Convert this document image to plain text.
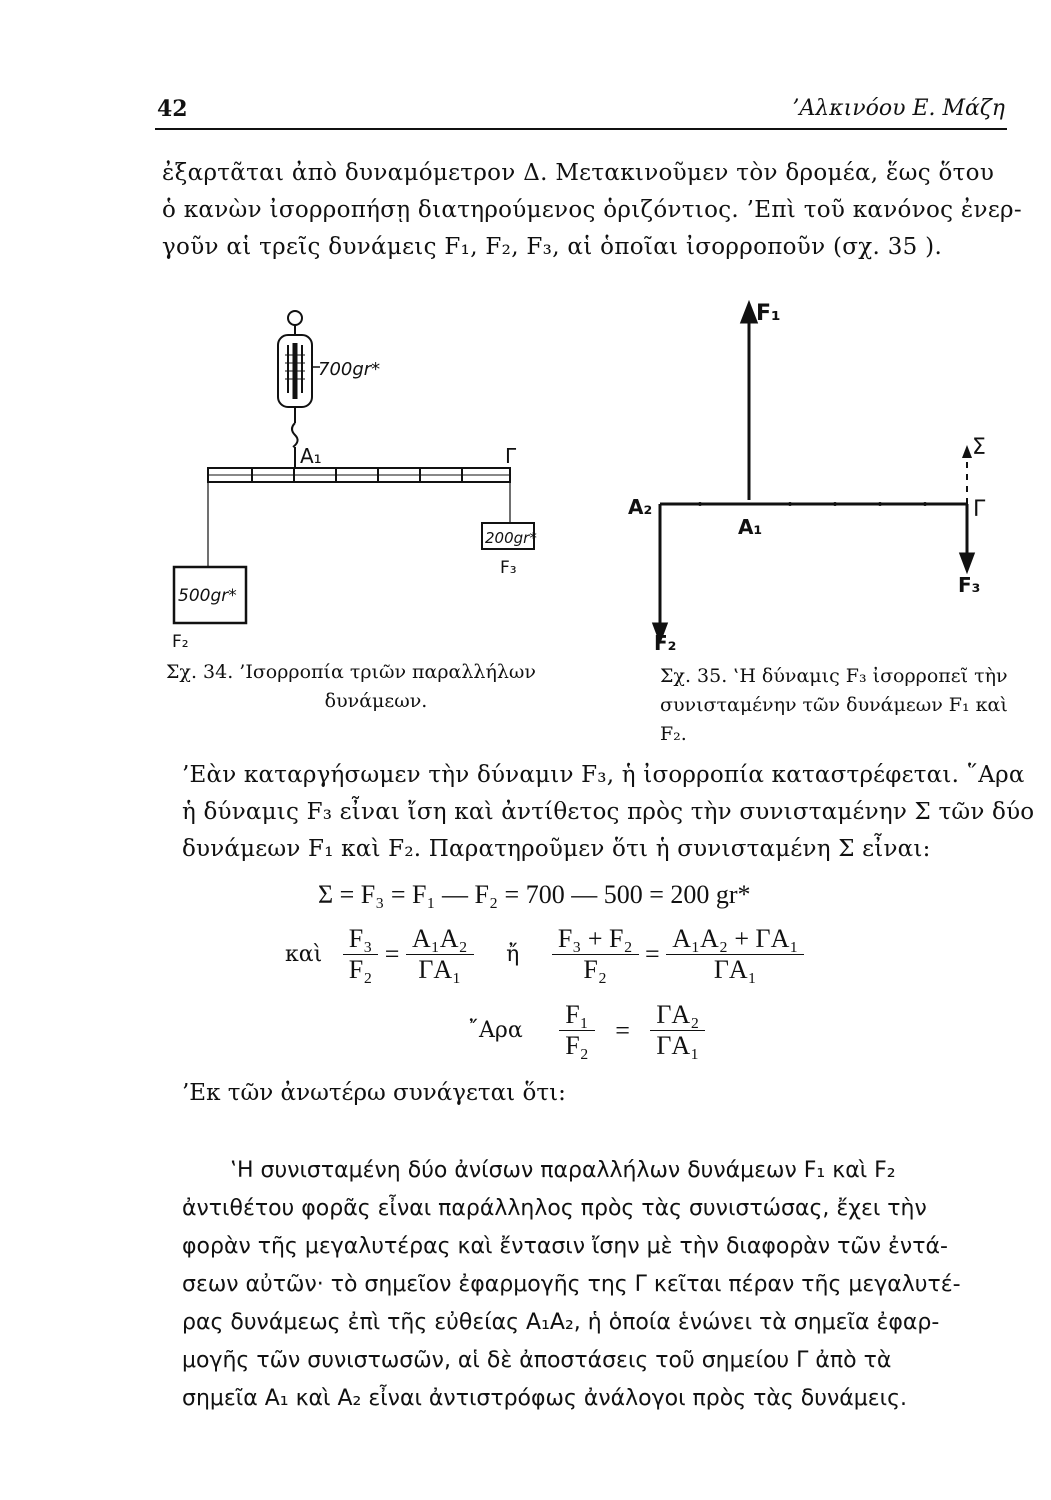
42	’Αλκινόου Ε. Μάζη
ἐξαρτᾶται ἀπὸ δυναμόμετρον Δ. Μετακινοῦμεν τὸν δρομέα, ἕως ὅτου
ὁ κανὼν ἰσορροπήσῃ διατηρούμενος ὁριζόντιος. ’Επὶ τοῦ κανόνος ἐνερ-
γοῦν αἱ τρεῖς δυνάμεις F₁, F₂, F₃, αἱ ὁποῖαι ἰσορροποῦν (σχ. 35 ).
700gr*
A₁	Γ
200gr*
F₃
500gr*
F₂
Σχ. 34. ’Ισορροπία τριῶν παραλλήλων
δυνάμεων.
F₁
Σ
A₂
A₁
Γ
F₃
F₂
Σχ. 35. ‛Η δύναμις F₃ ἰσορροπεῖ τὴν
συνισταμένην τῶν δυνάμεων F₁ καὶ F₂.
’Εὰν καταργήσωμεν τὴν δύναμιν F₃, ἡ ἰσορροπία καταστρέφεται. ῞Αρα
ἡ δύναμις F₃ εἶναι ἴση καὶ ἀντίθετος πρὸς τὴν συνισταμένην Σ τῶν δύο
δυνάμεων F₁ καὶ F₂. Παρατηροῦμεν ὅτι ἡ συνισταμένη Σ εἶναι:
Σ = F₃ = F₁ — F₂ = 700 — 500 = 200 gr*
καὶ $\frac{\text{F₃}}{\text{F₂}} = \frac{\text{A₁A₂}}{\text{ΓA₁}}$ ἤ $\frac{\text{F₃ + F₂}}{\text{F₂}} = \frac{\text{A₁A₂ + ΓA₁}}{\text{ΓA₁}}$
῎Αρα $\frac{\text{F₁}}{\text{F₂}} = \frac{\text{ΓA₂}}{\text{ΓA₁}}$
’Εκ τῶν ἀνωτέρω συνάγεται ὅτι:
‛Η συνισταμένη δύο ἀνίσων παραλλήλων δυνάμεων F₁ καὶ F₂
ἀντιθέτου φορᾶς εἶναι παράλληλος πρὸς τὰς συνιστώσας, ἔχει τὴν
φορὰν τῆς μεγαλυτέρας καὶ ἔντασιν ἴσην μὲ τὴν διαφορὰν τῶν ἐντά-
σεων αὐτῶν· τὸ σημεῖον ἐφαρμογῆς της Γ κεῖται πέραν τῆς μεγαλυτέ-
ρας δυνάμεως ἐπὶ τῆς εὐθείας A₁A₂, ἡ ὁποία ἑνώνει τὰ σημεῖα ἐφαρ-
μογῆς τῶν συνιστωσῶν, αἱ δὲ ἀποστάσεις τοῦ σημείου Γ ἀπὸ τὰ
σημεῖα A₁ καὶ A₂ εἶναι ἀντιστρόφως ἀνάλογοι πρὸς τὰς δυνάμεις.
